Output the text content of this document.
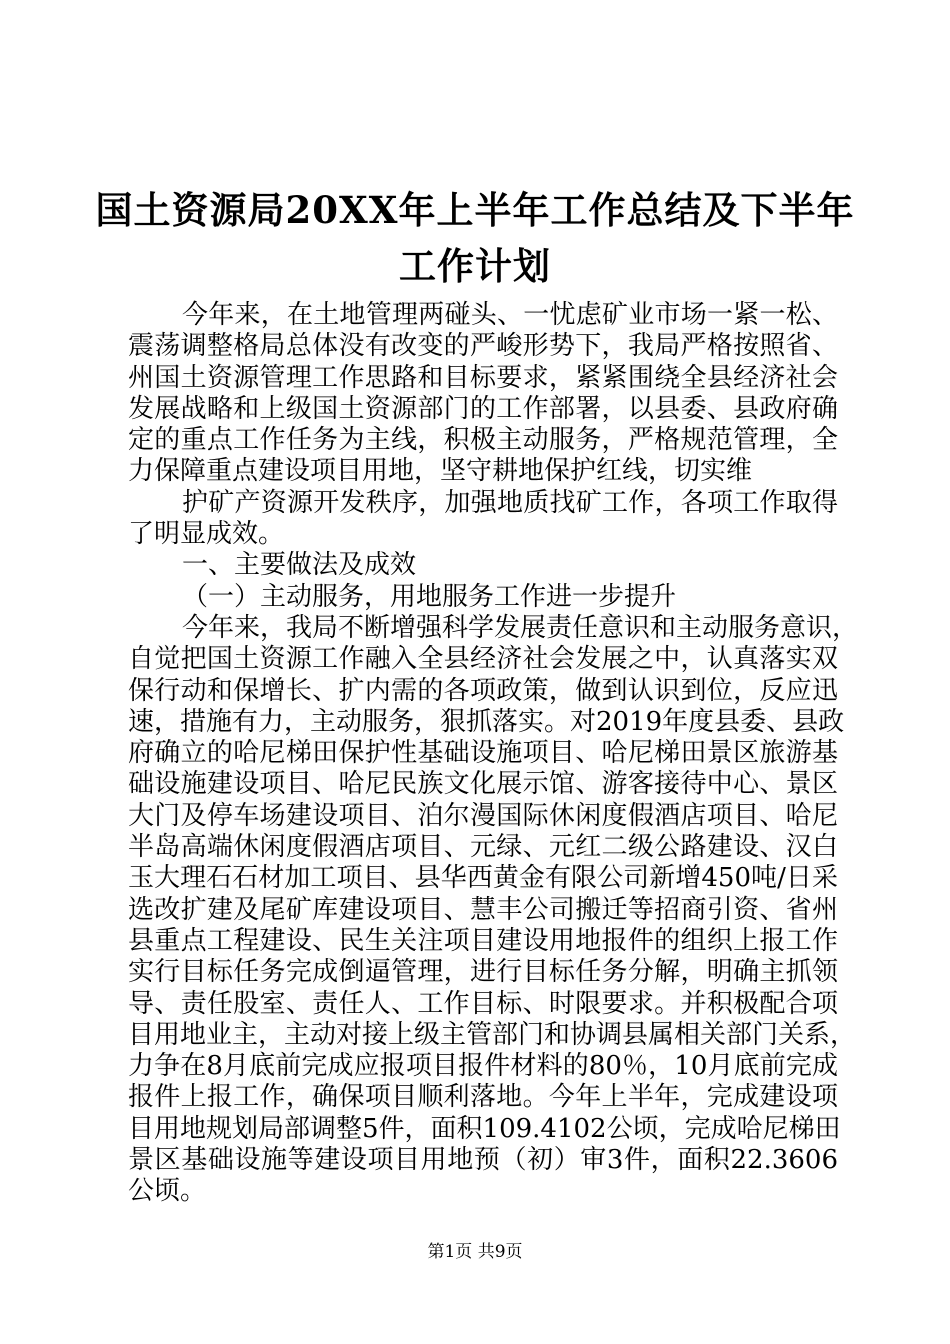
国土资源局20XX年上半年工作总结及下半年
工作计划
今年来，在土地管理两碰头、一忧虑矿业市场一紧一松、
震荡调整格局总体没有改变的严峻形势下，我局严格按照省、
州国土资源管理工作思路和目标要求，紧紧围绕全县经济社会
发展战略和上级国土资源部门的工作部署，以县委、县政府确
定的重点工作任务为主线，积极主动服务，严格规范管理，全
力保障重点建设项目用地，坚守耕地保护红线，切实维
护矿产资源开发秩序，加强地质找矿工作，各项工作取得
了明显成效。
一、主要做法及成效
（一）主动服务，用地服务工作进一步提升
今年来，我局不断增强科学发展责任意识和主动服务意识，
自觉把国土资源工作融入全县经济社会发展之中，认真落实双
保行动和保增长、扩内需的各项政策，做到认识到位，反应迅
速，措施有力，主动服务，狠抓落实。对2019年度县委、县政
府确立的哈尼梯田保护性基础设施项目、哈尼梯田景区旅游基
础设施建设项目、哈尼民族文化展示馆、游客接待中心、景区
大门及停车场建设项目、泊尔漫国际休闲度假酒店项目、哈尼
半岛高端休闲度假酒店项目、元绿、元红二级公路建设、汉白
玉大理石石材加工项目、县华西黄金有限公司新增450吨/日采
选改扩建及尾矿库建设项目、慧丰公司搬迁等招商引资、省州
县重点工程建设、民生关注项目建设用地报件的组织上报工作
实行目标任务完成倒逼管理，进行目标任务分解，明确主抓领
导、责任股室、责任人、工作目标、时限要求。并积极配合项
目用地业主，主动对接上级主管部门和协调县属相关部门关系，
力争在8月底前完成应报项目报件材料的80％，10月底前完成
报件上报工作，确保项目顺利落地。今年上半年，完成建设项
目用地规划局部调整5件，面积109.4102公顷，完成哈尼梯田
景区基础设施等建设项目用地预（初）审3件，面积22.3606
公顷。
第1页 共9页
